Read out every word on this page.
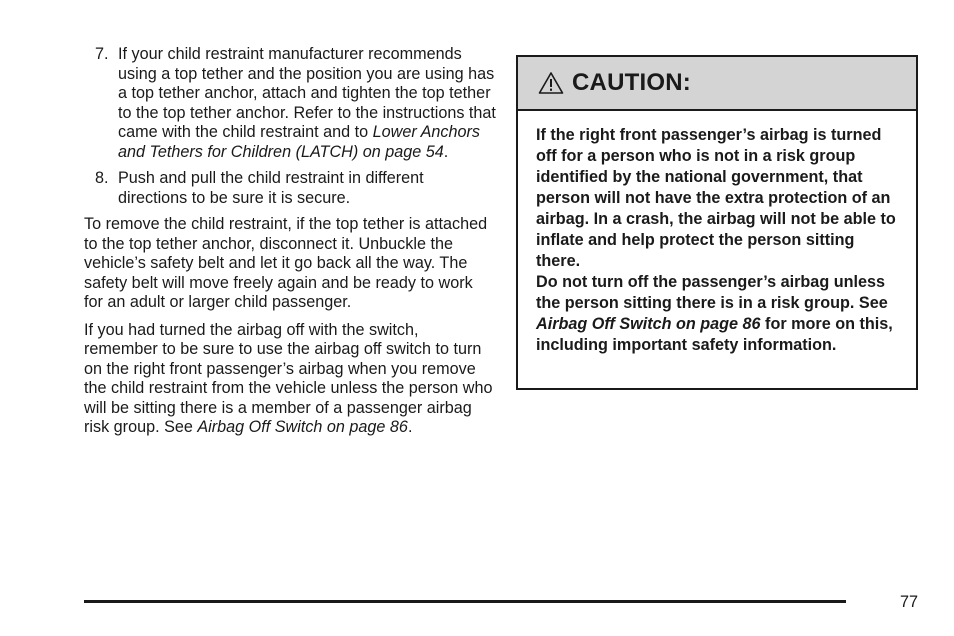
7. If your child restraint manufacturer recommends using a top tether and the position you are using has a top tether anchor, attach and tighten the top tether to the top tether anchor. Refer to the instructions that came with the child restraint and to Lower Anchors and Tethers for Children (LATCH) on page 54.
8. Push and pull the child restraint in different directions to be sure it is secure.

To remove the child restraint, if the top tether is attached to the top tether anchor, disconnect it. Unbuckle the vehicle’s safety belt and let it go back all the way. The safety belt will move freely again and be ready to work for an adult or larger child passenger.

If you had turned the airbag off with the switch, remember to be sure to use the airbag off switch to turn on the right front passenger’s airbag when you remove the child restraint from the vehicle unless the person who will be sitting there is a member of a passenger airbag risk group. See Airbag Off Switch on page 86.

CAUTION:

If the right front passenger’s airbag is turned off for a person who is not in a risk group identified by the national government, that person will not have the extra protection of an airbag. In a crash, the airbag will not be able to inflate and help protect the person sitting there.

Do not turn off the passenger’s airbag unless the person sitting there is in a risk group. See Airbag Off Switch on page 86 for more on this, including important safety information.

77
